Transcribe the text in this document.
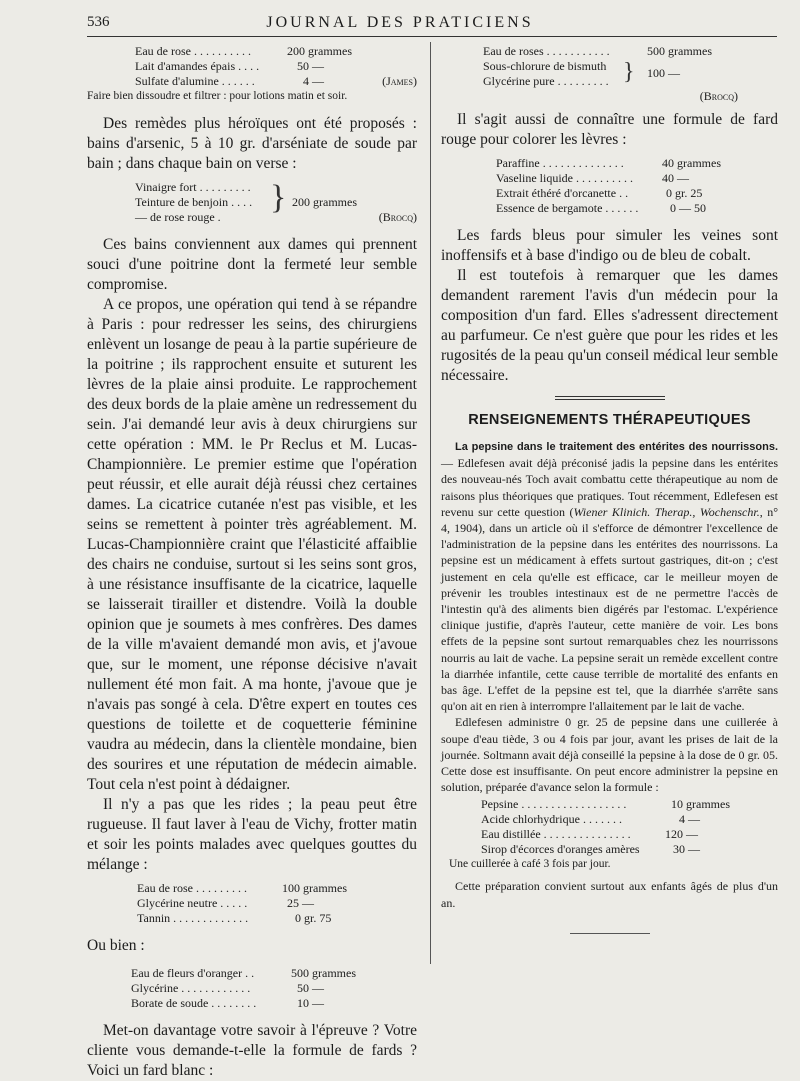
536	JOURNAL DES PRATICIENS
Eau de rose . . . . . . . . . .	200 grammes
Lait d'amandes épais . . . .	50 —
Sulfate d'alumine . . . . . .	4 —	(James)
Faire bien dissoudre et filtrer : pour lotions matin et soir.

Des remèdes plus héroïques ont été proposés : bains d'arsenic, 5 à 10 gr. d'arséniate de soude par bain ; dans chaque bain on verse :

Vinaigre fort . . . . . . . . .
Teinture de benjoin . . . .	200 grammes
— de rose rouge .	(Brocq)
}

Ces bains conviennent aux dames qui prennent souci d'une poitrine dont la fermeté leur semble compromise.

A ce propos, une opération qui tend à se répandre à Paris : pour redresser les seins, des chirurgiens enlèvent un losange de peau à la partie supérieure de la poitrine ; ils rapprochent ensuite et suturent les lèvres de la plaie ainsi produite. Le rapprochement des deux bords de la plaie amène un redressement du sein. J'ai demandé leur avis à deux chirurgiens sur cette opération : MM. le Pr Reclus et M. Lucas-Championnière. Le premier estime que l'opération peut réussir, et elle aurait déjà réussi chez certaines dames. La cicatrice cutanée n'est pas visible, et les seins se remettent à pointer très agréablement. M. Lucas-Championnière craint que l'élasticité affaiblie des chairs ne conduise, surtout si les seins sont gros, à une résistance insuffisante de la cicatrice, laquelle se laisserait tirailler et distendre. Voilà la double opinion que je soumets à mes confrères. Des dames de la ville m'avaient demandé mon avis, et j'avoue que, sur le moment, une réponse décisive n'avait nullement été mon fait. A ma honte, j'avoue que je n'avais pas songé à cela. D'être expert en toutes ces questions de toilette et de coquetterie féminine vaudra au médecin, dans la clientèle mondaine, bien des sourires et une réputation de médecin aimable. Tout cela n'est point à dédaigner.

Il n'y a pas que les rides ; la peau peut être rugueuse. Il faut laver à l'eau de Vichy, frotter matin et soir les points malades avec quelques gouttes du mélange :

Eau de rose . . . . . . . . .	100 grammes
Glycérine neutre . . . . .	25 —
Tannin . . . . . . . . . . . . .	0 gr. 75

Ou bien :

Eau de fleurs d'oranger . .	500 grammes
Glycérine . . . . . . . . . . . .	50 —
Borate de soude . . . . . . . .	10 —

Met-on davantage votre savoir à l'épreuve ? Votre cliente vous demande-t-elle la formule de fards ? Voici un fard blanc :

Eau de roses . . . . . . . . . . .	500 grammes
Sous-chlorure de bismuth
Glycérine pure . . . . . . . . .
100 —
}
(Brocq)

Il s'agit aussi de connaître une formule de fard rouge pour colorer les lèvres :

Paraffine . . . . . . . . . . . . . .	40 grammes
Vaseline liquide . . . . . . . . . . 40 —
Extrait éthéré d'orcanette . .	0 gr. 25
Essence de bergamote . . . . . .	0 — 50

Les fards bleus pour simuler les veines sont inoffensifs et à base d'indigo ou de bleu de cobalt.

Il est toutefois à remarquer que les dames demandent rarement l'avis d'un médecin pour la composition d'un fard. Elles s'adressent directement au parfumeur. Ce n'est guère que pour les rides et les rugosités de la peau qu'un conseil médical leur semble nécessaire.

RENSEIGNEMENTS THÉRAPEUTIQUES

La pepsine dans le traitement des entérites des nourrissons. — Edlefesen avait déjà préconisé jadis la pepsine dans les entérites des nouveau-nés Toch avait combattu cette thérapeutique au nom de raisons plus théoriques que pratiques. Tout récemment, Edlefesen est revenu sur cette question (Wiener Klinich. Therap., Wochenschr., n° 4, 1904), dans un article où il s'efforce de démontrer l'excellence de l'administration de la pepsine dans les entérites des nourrissons. La pepsine est un médicament à effets surtout gastriques, dit-on ; c'est justement en cela qu'elle est efficace, car le meilleur moyen de prévenir les troubles intestinaux est de ne permettre l'accès de l'intestin qu'à des aliments bien digérés par l'estomac. L'expérience clinique justifie, d'après l'auteur, cette manière de voir. Les bons effets de la pepsine sont surtout remarquables chez les nourrissons nourris au lait de vache. La pepsine serait un remède excellent contre la diarrhée infantile, cette cause terrible de mortalité des enfants en bas âge. L'effet de la pepsine est tel, que la diarrhée s'arrête sans qu'on ait en rien à interrompre l'allaitement par le lait de vache.

Edlefesen administre 0 gr. 25 de pepsine dans une cuillerée à soupe d'eau tiède, 3 ou 4 fois par jour, avant les prises de lait de la journée. Soltmann avait déjà conseillé la pepsine à la dose de 0 gr. 05. Cette dose est insuffisante. On peut encore administrer la pepsine en solution, préparée d'avance selon la formule :

Pepsine . . . . . . . . . . . . . . . . . .	10 grammes
Acide chlorhydrique . . . . . . .	4 —
Eau distillée . . . . . . . . . . . . . . .	120 —
Sirop d'écorces d'oranges amères	30 —
Une cuillerée à café 3 fois par jour.

Cette préparation convient surtout aux enfants âgés de plus d'un an.
